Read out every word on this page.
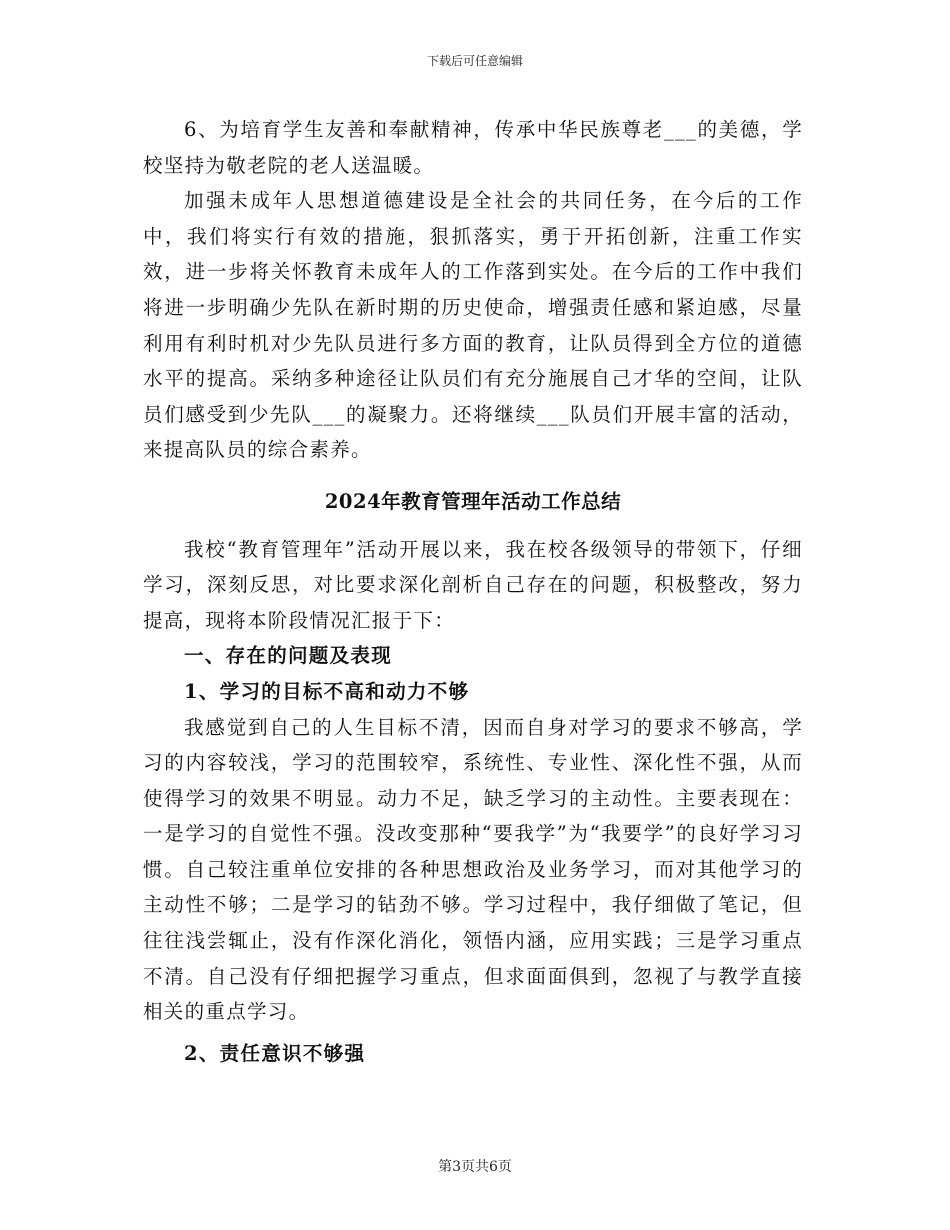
下载后可任意编辑

6、为培育学生友善和奉献精神，传承中华民族尊老___的美德，学校坚持为敬老院的老人送温暖。

加强未成年人思想道德建设是全社会的共同任务，在今后的工作中，我们将实行有效的措施，狠抓落实，勇于开拓创新，注重工作实效，进一步将关怀教育未成年人的工作落到实处。在今后的工作中我们将进一步明确少先队在新时期的历史使命，增强责任感和紧迫感，尽量利用有利时机对少先队员进行多方面的教育，让队员得到全方位的道德水平的提高。采纳多种途径让队员们有充分施展自己才华的空间，让队员们感受到少先队___的凝聚力。还将继续___队员们开展丰富的活动，来提高队员的综合素养。

2024年教育管理年活动工作总结

我校“教育管理年”活动开展以来，我在校各级领导的带领下，仔细学习，深刻反思，对比要求深化剖析自己存在的问题，积极整改，努力提高，现将本阶段情况汇报于下：

一、存在的问题及表现

1、学习的目标不高和动力不够

我感觉到自己的人生目标不清，因而自身对学习的要求不够高，学习的内容较浅，学习的范围较窄，系统性、专业性、深化性不强，从而使得学习的效果不明显。动力不足，缺乏学习的主动性。主要表现在：一是学习的自觉性不强。没改变那种“要我学”为“我要学”的良好学习习惯。自己较注重单位安排的各种思想政治及业务学习，而对其他学习的主动性不够；二是学习的钻劲不够。学习过程中，我仔细做了笔记，但往往浅尝辄止，没有作深化消化，领悟内涵，应用实践；三是学习重点不清。自己没有仔细把握学习重点，但求面面俱到，忽视了与教学直接相关的重点学习。

2、责任意识不够强

第3页共6页
